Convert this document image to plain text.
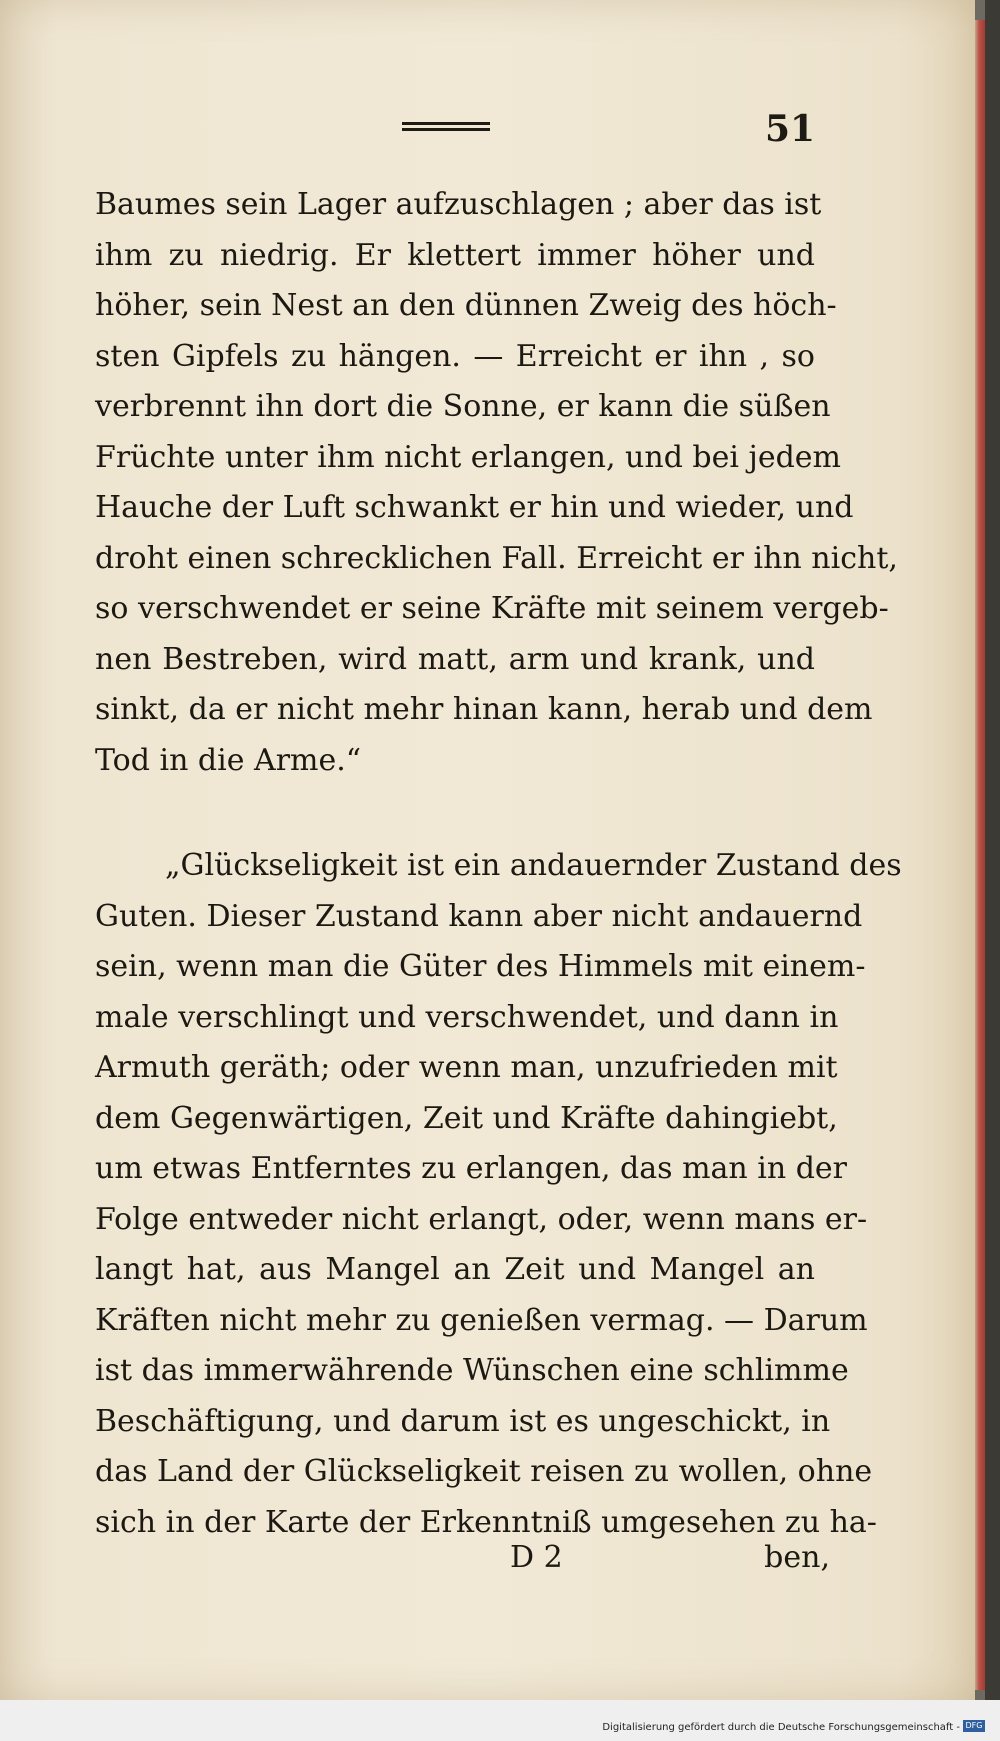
51
Baumes sein Lager aufzuschlagen ; aber das ist
ihm zu niedrig. Er klettert immer höher und
höher, sein Nest an den dünnen Zweig des höch-
sten Gipfels zu hängen. — Erreicht er ihn , so
verbrennt ihn dort die Sonne, er kann die süßen
Früchte unter ihm nicht erlangen, und bei jedem
Hauche der Luft schwankt er hin und wieder, und
droht einen schrecklichen Fall. Erreicht er ihn nicht,
so verschwendet er seine Kräfte mit seinem vergeb-
nen Bestreben, wird matt, arm und krank, und
sinkt, da er nicht mehr hinan kann, herab und dem
Tod in die Arme.“
„Glückseligkeit ist ein andauernder Zustand des
Guten. Dieser Zustand kann aber nicht andauernd
sein, wenn man die Güter des Himmels mit einem-
male verschlingt und verschwendet, und dann in
Armuth geräth; oder wenn man, unzufrieden mit
dem Gegenwärtigen, Zeit und Kräfte dahingiebt,
um etwas Entferntes zu erlangen, das man in der
Folge entweder nicht erlangt, oder, wenn mans er-
langt hat, aus Mangel an Zeit und Mangel an
Kräften nicht mehr zu genießen vermag. — Darum
ist das immerwährende Wünschen eine schlimme
Beschäftigung, und darum ist es ungeschickt, in
das Land der Glückseligkeit reisen zu wollen, ohne
sich in der Karte der Erkenntniß umgesehen zu ha-
D 2	ben,
Digitalisierung gefördert durch die Deutsche Forschungsgemeinschaft - DFG
